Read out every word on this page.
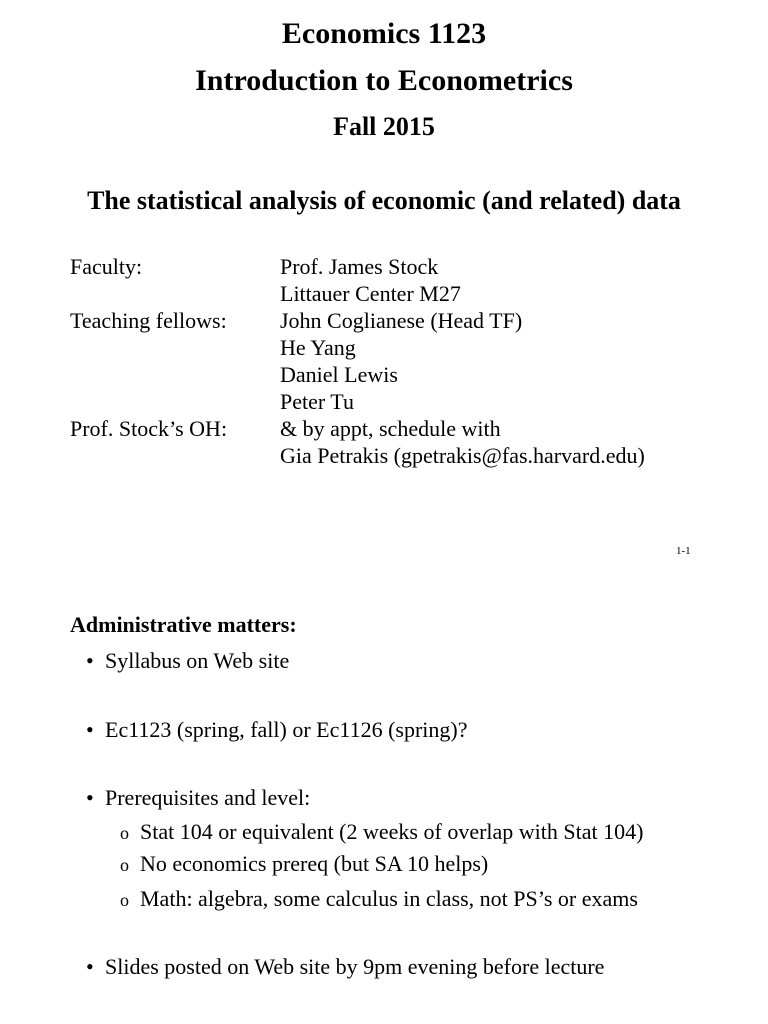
Economics 1123
Introduction to Econometrics
Fall 2015
The statistical analysis of economic (and related) data
Faculty:	Prof. James Stock
Littauer Center M27
Teaching fellows: John Coglianese (Head TF)
He Yang
Daniel Lewis
Peter Tu
Prof. Stock’s OH: & by appt, schedule with
Gia Petrakis (gpetrakis@fas.harvard.edu)
1-1
Administrative matters:
• Syllabus on Web site
• Ec1123 (spring, fall) or Ec1126 (spring)?
• Prerequisites and level:
o Stat 104 or equivalent (2 weeks of overlap with Stat 104)
o No economics prereq (but SA 10 helps)
o Math: algebra, some calculus in class, not PS’s or exams
• Slides posted on Web site by 9pm evening before lecture
